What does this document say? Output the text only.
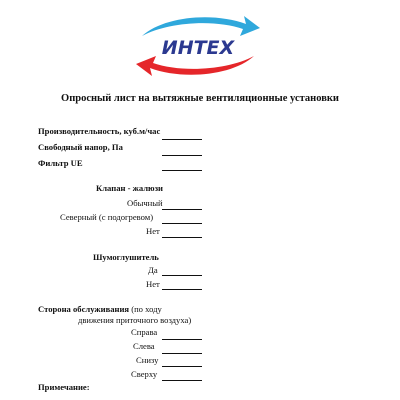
ИНТЕХ
Опросный лист на вытяжные вентиляционные установки
Производительность, куб.м/час
Свободный напор, Па
Фильтр UE
Клапан - жалюзи
Обычный
Северный (с подогревом)
Нет
Шумоглушитель
Да
Нет
Сторона обслуживания (по ходу
движения приточного воздуха)
Справа
Слева
Снизу
Сверху
Примечание:
